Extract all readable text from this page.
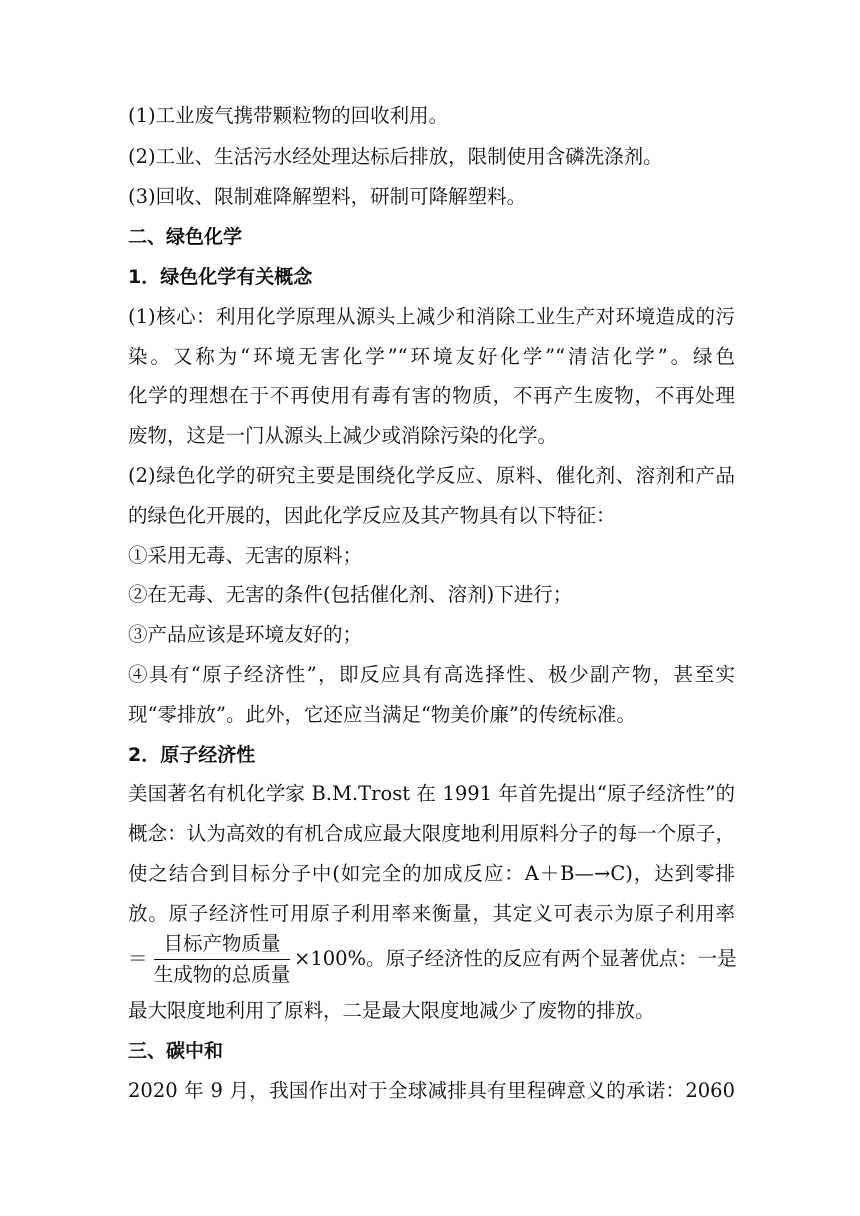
(1)工业废气携带颗粒物的回收利用。
(2)工业、生活污水经处理达标后排放，限制使用含磷洗涤剂。
(3)回收、限制难降解塑料，研制可降解塑料。
二、绿色化学
1．绿色化学有关概念
(1)核心：利用化学原理从源头上减少和消除工业生产对环境造成的污
染。又称为“环境无害化学”“环境友好化学”“清洁化学”。绿色
化学的理想在于不再使用有毒有害的物质，不再产生废物，不再处理
废物，这是一门从源头上减少或消除污染的化学。
(2)绿色化学的研究主要是围绕化学反应、原料、催化剂、溶剂和产品
的绿色化开展的，因此化学反应及其产物具有以下特征：
①采用无毒、无害的原料；
②在无毒、无害的条件(包括催化剂、溶剂)下进行；
③产品应该是环境友好的；
④具有“原子经济性”，即反应具有高选择性、极少副产物，甚至实
现“零排放”。此外，它还应当满足“物美价廉”的传统标准。
2．原子经济性
美国著名有机化学家 B.M.Trost 在 1991 年首先提出“原子经济性”的
概念：认为高效的有机合成应最大限度地利用原料分子的每一个原子，
使之结合到目标分子中(如完全的加成反应：A＋B—→C)，达到零排
放。原子经济性可用原子利用率来衡量，其定义可表示为原子利用率
＝
目标产物质量
生成物的总质量
×100%。原子经济性的反应有两个显著优点：一是
最大限度地利用了原料，二是最大限度地减少了废物的排放。
三、碳中和
2020 年 9 月，我国作出对于全球减排具有里程碑意义的承诺：2060
